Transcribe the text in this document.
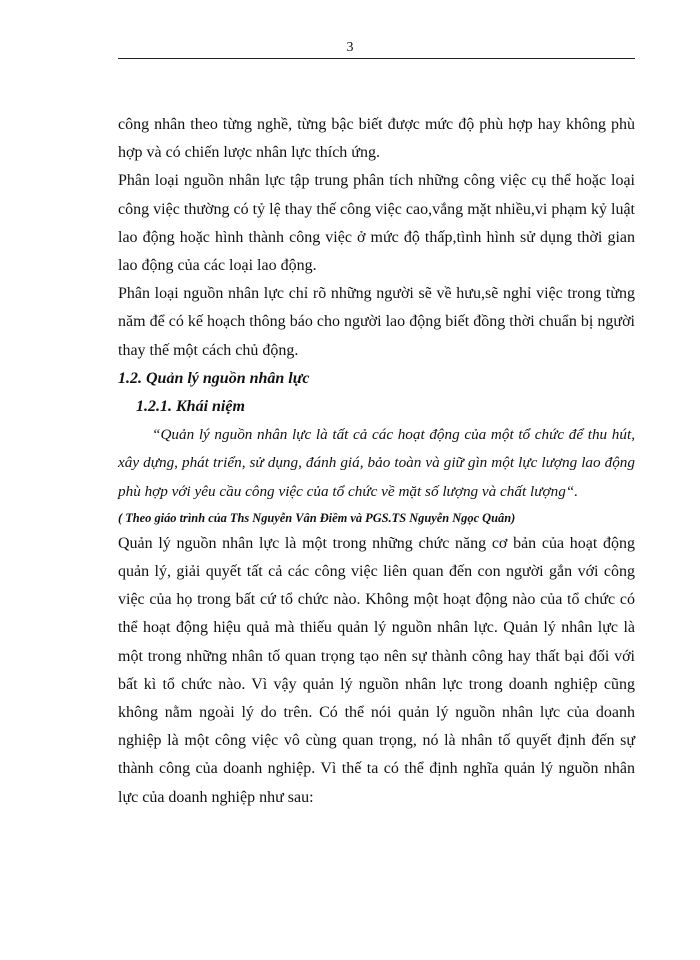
3

công nhân theo từng nghề, từng bậc biết được mức độ phù hợp hay không phù hợp và có chiến lược nhân lực thích ứng.

Phân loại nguồn nhân lực tập trung phân tích những công việc cụ thể hoặc loại công việc thường có tỷ lệ thay thế công việc cao,vắng mặt nhiều,vi phạm kỷ luật lao động hoặc hình thành công việc ở mức độ thấp,tình hình sử dụng thời gian lao động của các loại lao động.

Phân loại nguồn nhân lực chỉ rõ những người sẽ về hưu,sẽ nghỉ việc trong từng năm để có kế hoạch thông báo cho người lao động biết đồng thời chuẩn bị người thay thế một cách chủ động.

1.2. Quản lý nguồn nhân lực

1.2.1. Khái niệm

“Quản lý nguồn nhân lực là tất cả các hoạt động của một tổ chức để thu hút, xây dựng, phát triển, sử dụng, đánh giá, bảo toàn và giữ gìn một lực lượng lao động phù hợp với yêu cầu công việc của tổ chức về mặt số lượng và chất lượng“.

( Theo giáo trình của Ths Nguyễn Vân Điềm và PGS.TS Nguyễn Ngọc Quân)

Quản lý nguồn nhân lực là một trong những chức năng cơ bản của hoạt động quản lý, giải quyết tất cả các công việc liên quan đến con người gắn với công việc của họ trong bất cứ tổ chức nào. Không một hoạt động nào của tổ chức có thể hoạt động hiệu quả mà thiếu quản lý nguồn nhân lực. Quản lý nhân lực là một trong những nhân tố quan trọng tạo nên sự thành công hay thất bại đối với bất kì tổ chức nào. Vì vậy quản lý nguồn nhân lực trong doanh nghiệp cũng không nằm ngoài lý do trên. Có thể nói quản lý nguồn nhân lực của doanh nghiệp là một công việc vô cùng quan trọng, nó là nhân tố quyết định đến sự thành công của doanh nghiệp. Vì thế ta có thể định nghĩa quản lý nguồn nhân lực của doanh nghiệp như sau:
